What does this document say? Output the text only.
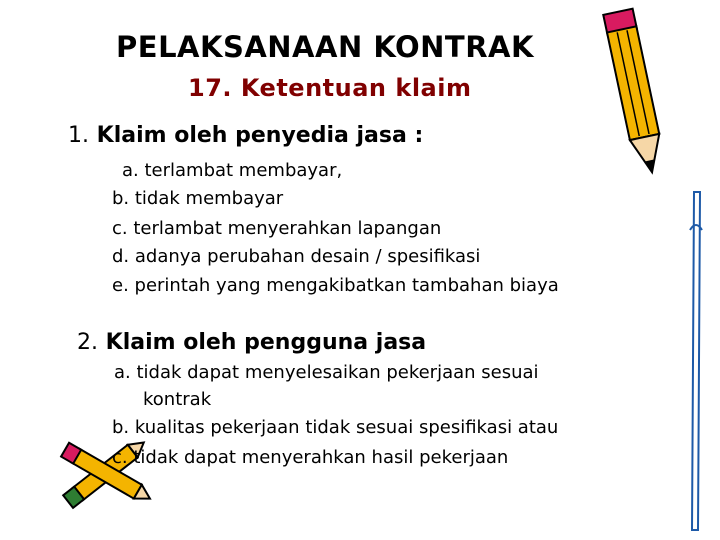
PELAKSANAAN KONTRAK
17. Ketentuan klaim
1. Klaim oleh penyedia jasa :
a. terlambat membayar,
b. tidak membayar
c. terlambat menyerahkan lapangan
d. adanya perubahan desain / spesifikasi
e. perintah yang mengakibatkan tambahan biaya
2. Klaim oleh pengguna jasa
a. tidak dapat menyelesaikan pekerjaan sesuai
kontrak
b. kualitas pekerjaan tidak sesuai spesifikasi atau
c. tidak dapat menyerahkan hasil pekerjaan
